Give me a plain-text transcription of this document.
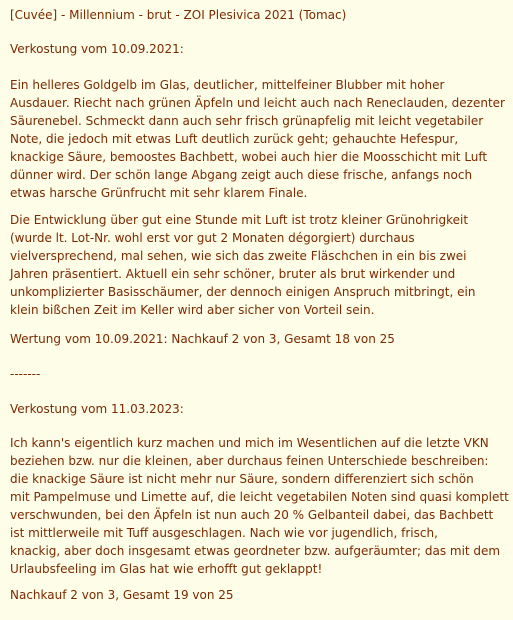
[Cuvée] - Millennium - brut - ZOI Plesivica 2021 (Tomac)
Verkostung vom 10.09.2021:
Ein helleres Goldgelb im Glas, deutlicher, mittelfeiner Blubber mit hoher
Ausdauer. Riecht nach grünen Äpfeln und leicht auch nach Reneclauden, dezenter
Säurenebel. Schmeckt dann auch sehr frisch grünapfelig mit leicht vegetabiler
Note, die jedoch mit etwas Luft deutlich zurück geht; gehauchte Hefespur,
knackige Säure, bemoostes Bachbett, wobei auch hier die Moosschicht mit Luft
dünner wird. Der schön lange Abgang zeigt auch diese frische, anfangs noch
etwas harsche Grünfrucht mit sehr klarem Finale.
Die Entwicklung über gut eine Stunde mit Luft ist trotz kleiner Grünohrigkeit
(wurde lt. Lot-Nr. wohl erst vor gut 2 Monaten dégorgiert) durchaus
vielversprechend, mal sehen, wie sich das zweite Fläschchen in ein bis zwei
Jahren präsentiert. Aktuell ein sehr schöner, bruter als brut wirkender und
unkomplizierter Basisschäumer, der dennoch einigen Anspruch mitbringt, ein
klein bißchen Zeit im Keller wird aber sicher von Vorteil sein.
Wertung vom 10.09.2021: Nachkauf 2 von 3, Gesamt 18 von 25
-------
Verkostung vom 11.03.2023:
Ich kann's eigentlich kurz machen und mich im Wesentlichen auf die letzte VKN
beziehen bzw. nur die kleinen, aber durchaus feinen Unterschiede beschreiben:
die knackige Säure ist nicht mehr nur Säure, sondern differenziert sich schön
mit Pampelmuse und Limette auf, die leicht vegetabilen Noten sind quasi komplett
verschwunden, bei den Äpfeln ist nun auch 20 % Gelbanteil dabei, das Bachbett
ist mittlerweile mit Tuff ausgeschlagen. Nach wie vor jugendlich, frisch,
knackig, aber doch insgesamt etwas geordneter bzw. aufgeräumter; das mit dem
Urlaubsfeeling im Glas hat wie erhofft gut geklappt!
Nachkauf 2 von 3, Gesamt 19 von 25
